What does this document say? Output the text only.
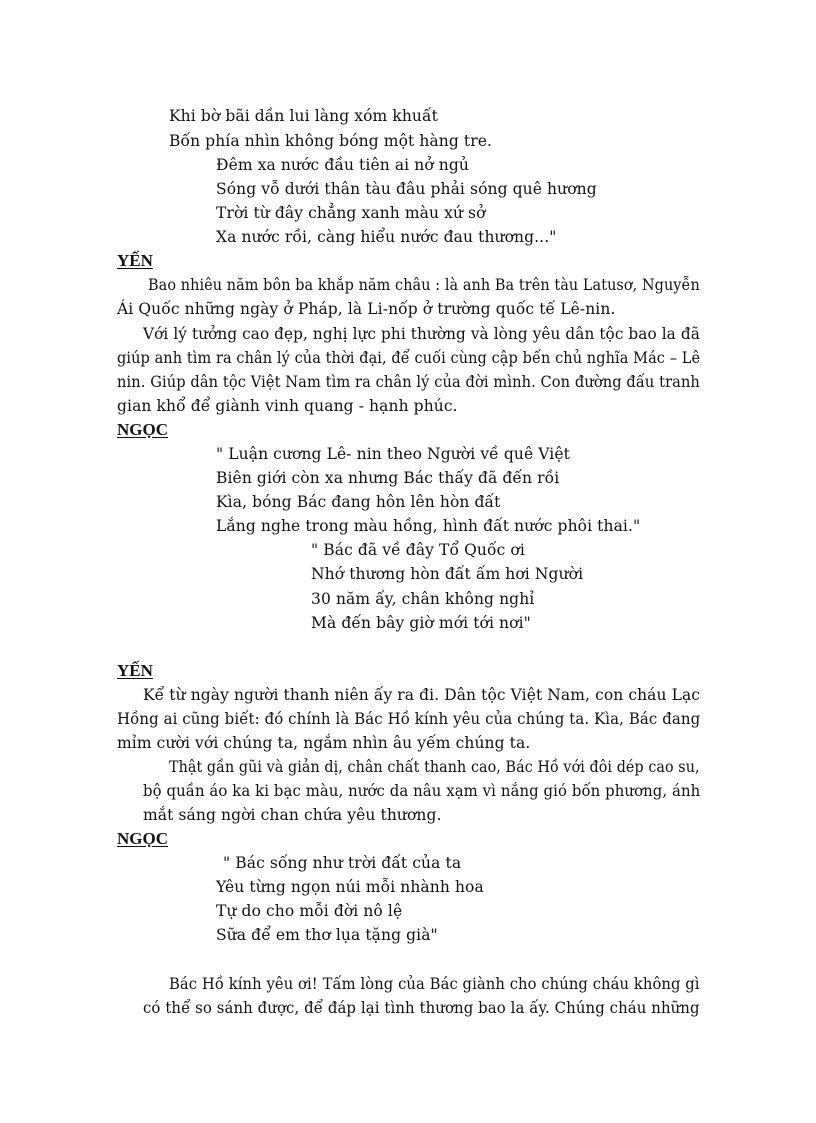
Khi bờ bãi dần lui làng xóm khuất
Bốn phía nhìn không bóng một hàng tre.
Đêm xa nước đầu tiên ai nở ngủ
Sóng vỗ dưới thân tàu đâu phải sóng quê hương
Trời từ đây chẳng xanh màu xứ sở
Xa nước rồi, càng hiểu nước đau thương..."
YẾN
Bao nhiêu năm bôn ba khắp năm châu : là anh Ba trên tàu Latusơ, Nguyễn
Ái Quốc những ngày ở Pháp, là Li-nốp ở trường quốc tế Lê-nin.
Với lý tưởng cao đẹp, nghị lực phi thường và lòng yêu dân tộc bao la đã
giúp anh tìm ra chân lý của thời đại, để cuối cùng cập bến chủ nghĩa Mác – Lê
nin. Giúp dân tộc Việt Nam tìm ra chân lý của đời mình. Con đường đấu tranh
gian khổ để giành vinh quang - hạnh phúc.
NGỌC
" Luận cương Lê- nin theo Người về quê Việt
Biên giới còn xa nhưng Bác thấy đã đến rồi
Kìa, bóng Bác đang hôn lên hòn đất
Lắng nghe trong màu hồng, hình đất nước phôi thai."
" Bác đã về đây Tổ Quốc ơi
Nhớ thương hòn đất ấm hơi Người
30 năm ấy, chân không nghỉ
Mà đến bây giờ mới tới nơi"
YẾN
Kể từ ngày người thanh niên ấy ra đi. Dân tộc Việt Nam, con cháu Lạc
Hồng ai cũng biết: đó chính là Bác Hồ kính yêu của chúng ta. Kìa, Bác đang
mỉm cười với chúng ta, ngắm nhìn âu yếm chúng ta.
Thật gần gũi và giản dị, chân chất thanh cao, Bác Hồ với đôi dép cao su,
bộ quần áo ka ki bạc màu, nước da nâu xạm vì nắng gió bốn phương, ánh
mắt sáng ngời chan chứa yêu thương.
NGỌC
" Bác sống như trời đất của ta
Yêu từng ngọn núi mỗi nhành hoa
Tự do cho mỗi đời nô lệ
Sữa để em thơ lụa tặng già"
Bác Hồ kính yêu ơi! Tấm lòng của Bác giành cho chúng cháu không gì
có thể so sánh được, để đáp lại tình thương bao la ấy. Chúng cháu những
